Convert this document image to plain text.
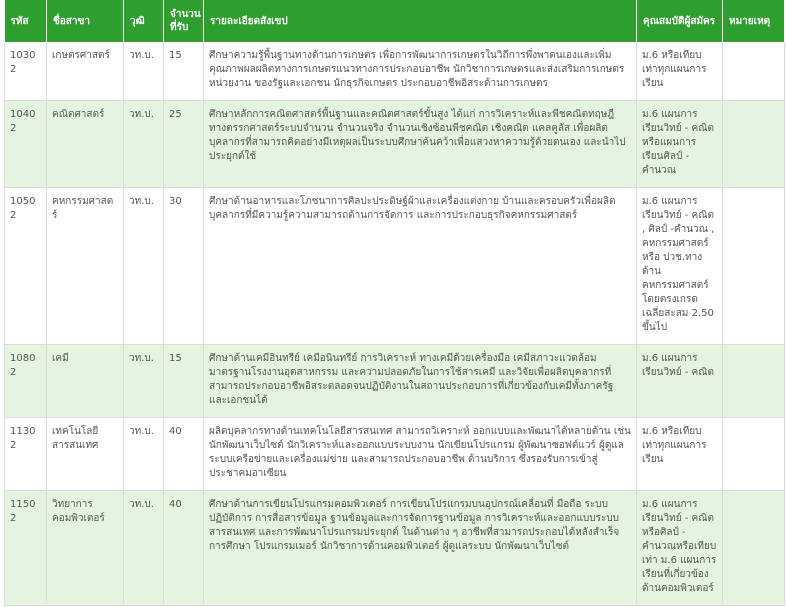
รหัส	ชื่อสาขา	วุฒิ	จำนวนที่รับ	รายละเอียดสังเขป	คุณสมบัติผู้สมัคร	หมายเหตุ
10302	เกษตรศาสตร์	วท.บ.	15	ศึกษาความรู้พื้นฐานทางด้านการเกษตร เพื่อการพัฒนาการเกษตรในวิถีการพึ่งพาตนเองและเพิ่มคุณภาพผลผลิตทางการเกษตรแนวทางการประกอบอาชีพ นักวิชาการเกษตรและส่งเสริมการเกษตรหน่วยงาน ของรัฐและเอกชน นักธุรกิจเกษตร ประกอบอาชีพอิสระด้านการเกษตร	ม.6 หรือเทียบเท่าทุกแผนการเรียน	
10402	คณิตศาสตร์	วท.บ.	25	ศึกษาหลักการคณิตศาสตร์พื้นฐานและคณิตศาสตร์ขั้นสูง ได้แก่ การวิเคราะห์และพีชคณิตทฤษฎีทางตรรกศาสตร์ระบบจำนวน จำนวนจริง จำนวนเชิงซ้อนพีชคณิต เชิงคณิต แคลคูลัส เพื่อผลิตบุคลากรที่สามารถคิดอย่างมีเหตุผลเป็นระบบศึกษาค้นคว้าเพื่อแสวงหาความรู้ด้วยตนเอง และนำไปประยุกต์ใช้	ม.6 แผนการเรียนวิทย์ - คณิต หรือแผนการเรียนศิลป์ - คำนวณ	
10502	คหกรรมศาสตร์	วท.บ.	30	ศึกษาด้านอาหารและโภชนาการศิลปะประดิษฐ์ผ้าและเครื่องแต่งกาย บ้านและครอบครัวเพื่อผลิตบุคลากรที่มีความรู้ความสามารถด้านการจัดการ และการประกอบธุรกิจคหกรรมศาสตร์	ม.6 แผนการเรียนวิทย์ - คณิต , ศิลป์ -คำนวณ , คหกรรมศาสตร์ หรือ ปวช.ทางด้านคหกรรมศาสตร์โดยตรงเกรดเฉลี่ยสะสม 2.50 ขึ้นไป	
10802	เคมี	วท.บ.	15	ศึกษาด้านเคมีอินทรีย์ เคมีอนินทรีย์ การวิเคราะห์ ทางเคมีด้วยเครื่องมือ เคมีสภาวะแวดล้อม มาตรฐานโรงงานอุตสาหกรรม และความปลอดภัยในการใช้สารเคมี และวิจัยเพื่อผลิตบุคลากรที่สามารถประกอบอาชีพอิสระตลอดจนปฏิบัติงานในสถานประกอบการที่เกี่ยวข้องกับเคมีทั้งภาครัฐและเอกชนได้	ม.6 แผนการเรียนวิทย์ - คณิต	
11302	เทคโนโลยีสารสนเทศ	วท.บ.	40	ผลิตบุคลากรทางด้านเทคโนโลยีสารสนเทศ สามารถวิเคราะห์ ออกแบบและพัฒนาได้หลายด้าน เช่น นักพัฒนาเว็บไซต์ นักวิเคราะห์และออกแบบระบบงาน นักเขียนโปรแกรม ผู้พัฒนาซอฟต์แวร์ ผู้ดูแลระบบเครือข่ายและเครื่องแม่ข่าย และสามารถประกอบอาชีพ ด้านบริการ ซึ่งรองรับการเข้าสู่ประชาคมอาเซียน	ม.6 หรือเทียบเท่าทุกแผนการเรียน	
11502	วิทยาการคอมพิวเตอร์	วท.บ.	40	ศึกษาด้านการเขียนโปรแกรมคอมพิวเตอร์ การเขียนโปรแกรมบนอุปกรณ์เคลื่อนที่ มือถือ ระบบปฏิบัติการ การสื่อสารข้อมูล ฐานข้อมูลและการจัดการฐานข้อมูล การวิเคราะห์และออกแบบระบบสารสนเทศ และการพัฒนาโปรแกรมประยุกต์ ในด้านต่าง ๆ อาชีพที่สามารถประกอบได้หลังสำเร็จการศึกษา โปรแกรมเมอร์ นักวิชาการด้านคอมพิวเตอร์ ผู้ดูแลระบบ นักพัฒนาเว็บไซต์	ม.6 แผนการเรียนวิทย์ - คณิตหรือศิลป์ - คำนวณหรือเทียบเท่า ม.6 แผนการเรียนที่เกี่ยวข้องด้านคอมพิวเตอร์	
